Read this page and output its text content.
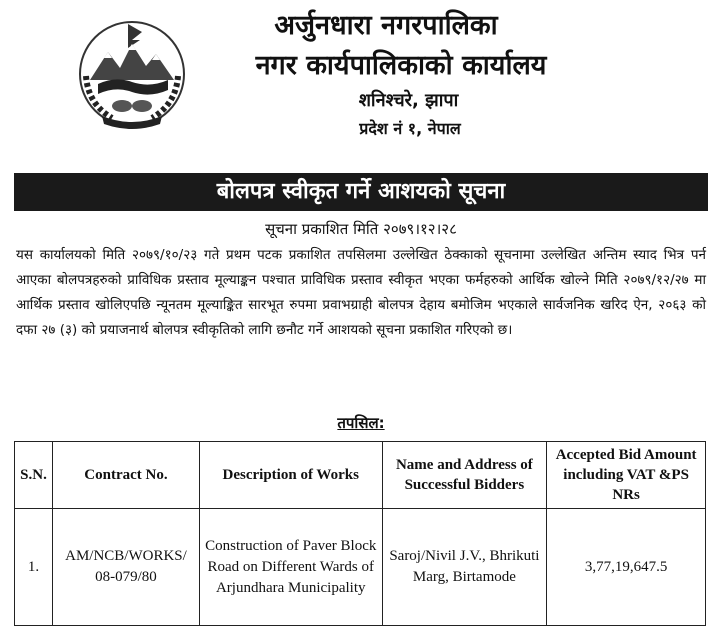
अर्जुनधारा नगरपालिका
नगर कार्यपालिकाको कार्यालय
शनिश्चरे, झापा
प्रदेश नं १, नेपाल
बोलपत्र स्वीकृत गर्ने आशयको सूचना
सूचना प्रकाशित मिति २०७९।१२।२८
यस कार्यालयको मिति २०७९/१०/२३ गते प्रथम पटक प्रकाशित तपसिलमा उल्लेखित ठेक्काको सूचनामा उल्लेखित अन्तिम स्याद भित्र पर्न आएका बोलपत्रहरुको प्राविधिक प्रस्ताव मूल्याङ्कन पश्चात प्राविधिक प्रस्ताव स्वीकृत भएका फर्महरुको आर्थिक खोल्ने मिति २०७९/१२/२७ मा आर्थिक प्रस्ताव खोलिएपछि न्यूनतम मूल्याङ्कित सारभूत रुपमा प्रवाभग्राही बोलपत्र देहाय बमोजिम भएकाले सार्वजनिक खरिद ऐन, २०६३ को दफा २७ (३) को प्रयाजनार्थ बोलपत्र स्वीकृतिको लागि छनौट गर्ने आशयको सूचना प्रकाशित गरिएको छ।
तपसिल:
S.N.	Contract No.	Description of Works	Name and Address of Successful Bidders	Accepted Bid Amount including VAT &PS NRs
1.	AM/NCB/WORKS/ 08-079/80	Construction of Paver Block Road on Different Wards of Arjundhara Municipality	Saroj/Nivil J.V., Bhrikuti Marg, Birtamode	3,77,19,647.5
